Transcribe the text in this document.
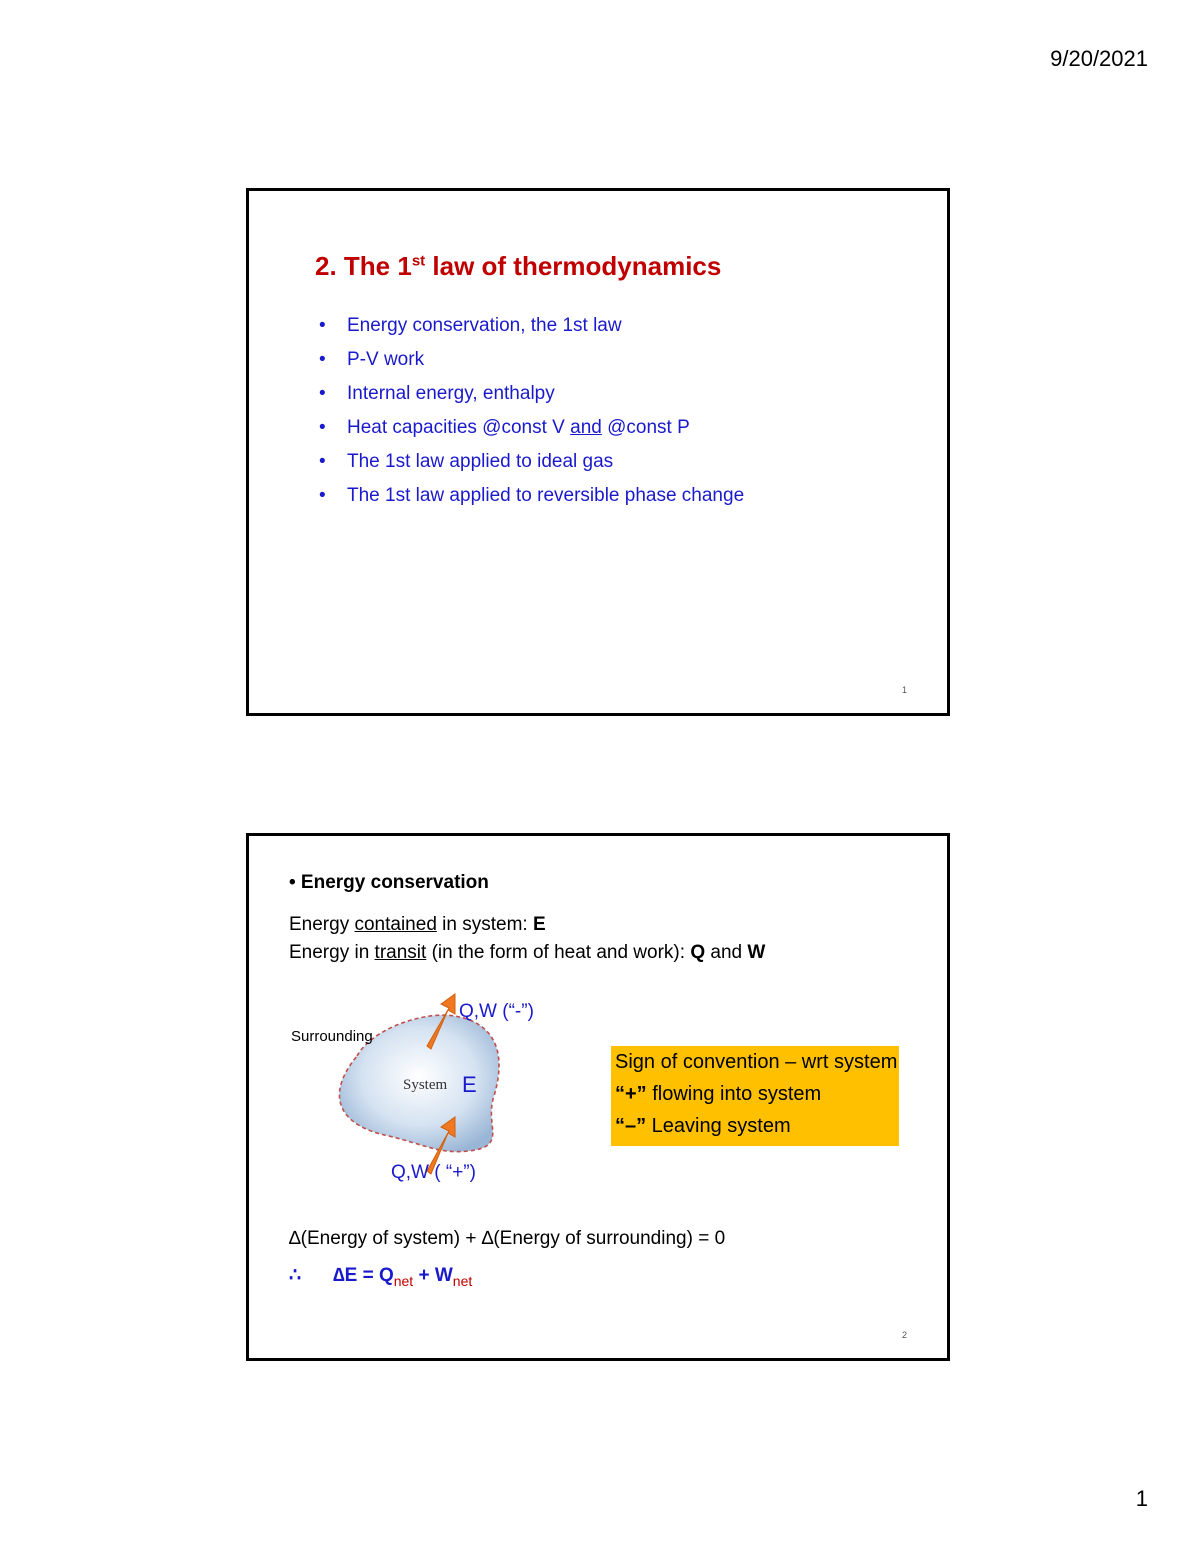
9/20/2021
2. The 1st law of thermodynamics
• Energy conservation, the 1st law
• P-V work
• Internal energy, enthalpy
• Heat capacities @const V and @const P
• The 1st law applied to ideal gas
• The 1st law applied to reversible phase change
1
• Energy conservation
Energy contained in system: E
Energy in transit (in the form of heat and work): Q and W
Surrounding
System E
Q,W (“-”)
Q,W ( “+”)
Sign of convention – wrt system
“+” flowing into system
“–” Leaving system
∆(Energy of system) + ∆(Energy of surrounding) = 0
∴ $\Delta E = Q_{net} + W_{net}$
2
1
